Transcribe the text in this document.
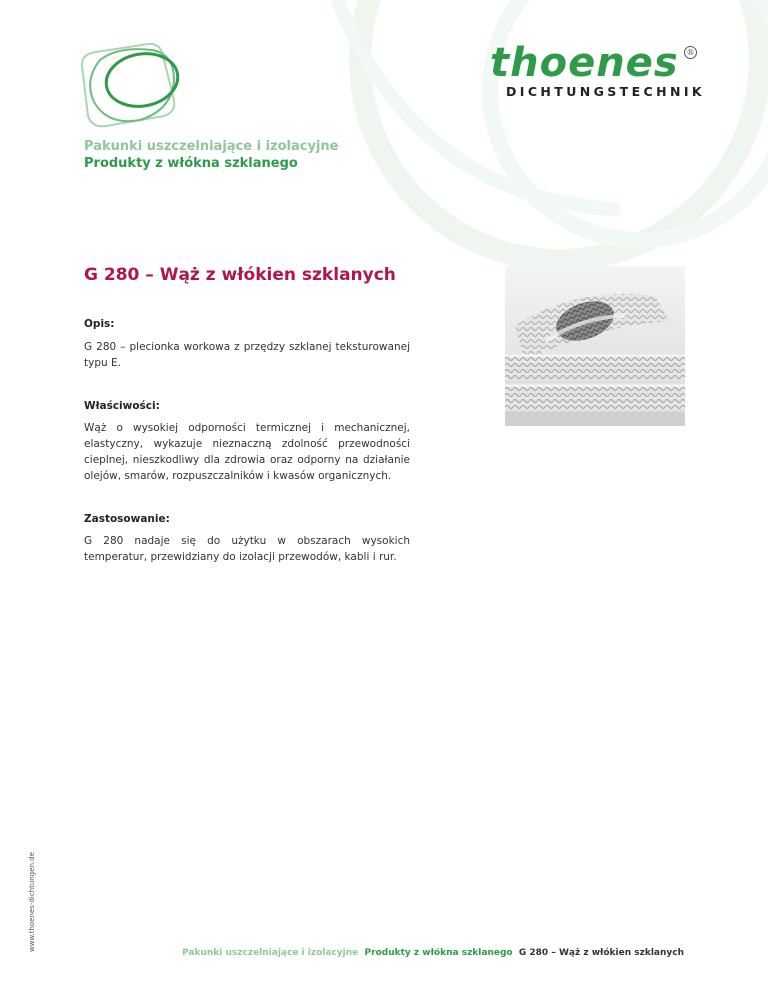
thoenes ®
DICHTUNGSTECHNIK
Pakunki uszczelniające i izolacyjne
Produkty z włókna szklanego
G 280 – Wąż z włókien szklanych
Opis:
G 280 – plecionka workowa z przędzy szklanej teksturowanej typu E.
Właściwości:
Wąż o wysokiej odporności termicznej i mechanicznej, elastyczny, wykazuje nieznaczną zdolność przewodności cieplnej, nieszkodliwy dla zdrowia oraz odporny na działanie olejów, smarów, rozpuszczalników i kwasów organicznych.
Zastosowanie:
G 280 nadaje się do użytku w obszarach wysokich temperatur, przewidziany do izolacji przewodów, kabli i rur.
www.thoenes-dichtungen.de
Pakunki uszczelniające i izolacyjne Produkty z włókna szklanego G 280 – Wąż z włókien szklanych
